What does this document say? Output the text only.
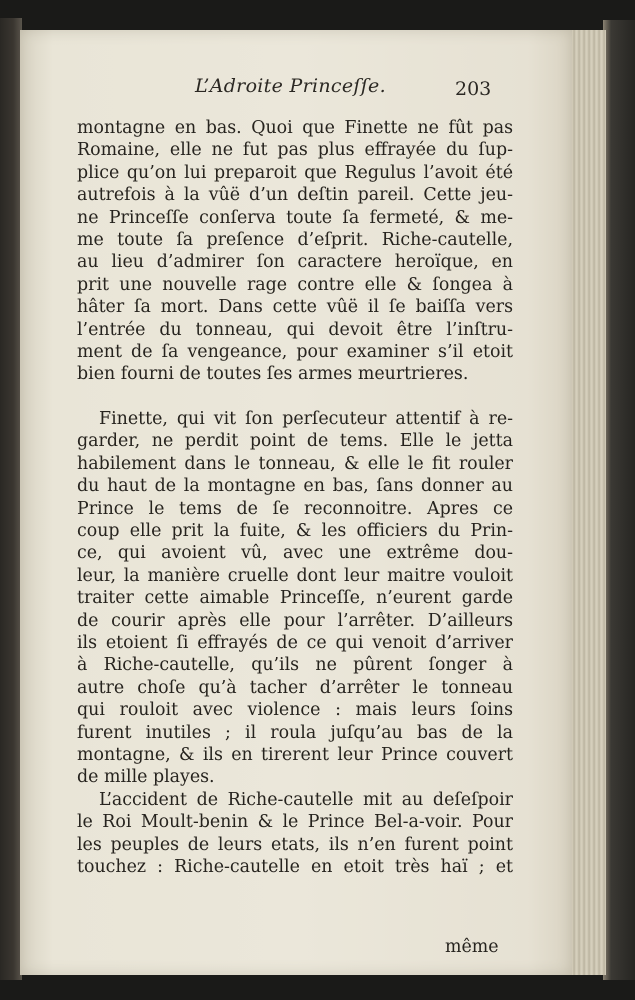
L’Adroite Princeſſe.	203
montagne en bas. Quoi que Finette ne fût pas
Romaine, elle ne fut pas plus effrayée du ſup-
plice qu’on lui preparoit que Regulus l’avoit été
autrefois à la vûë d’un deſtin pareil. Cette jeu-
ne Princeſſe conſerva toute ſa fermeté, & me-
me toute ſa preſence d’eſprit. Riche-cautelle,
au lieu d’admirer ſon caractere heroïque, en
prit une nouvelle rage contre elle & ſongea à
hâter ſa mort. Dans cette vûë il ſe baiſſa vers
l’entrée du tonneau, qui devoit être l’inſtru-
ment de ſa vengeance, pour examiner s’il etoit
bien fourni de toutes ſes armes meurtrieres.
Finette, qui vit ſon perſecuteur attentif à re-
garder, ne perdit point de tems. Elle le jetta
habilement dans le tonneau, & elle le fit rouler
du haut de la montagne en bas, ſans donner au
Prince le tems de ſe reconnoitre. Apres ce
coup elle prit la fuite, & les officiers du Prin-
ce, qui avoient vû, avec une extrême dou-
leur, la manière cruelle dont leur maitre vouloit
traiter cette aimable Princeſſe, n’eurent garde
de courir après elle pour l’arrêter. D’ailleurs
ils etoient ſi effrayés de ce qui venoit d’arriver
à Riche-cautelle, qu’ils ne pûrent ſonger à
autre choſe qu’à tacher d’arrêter le tonneau
qui rouloit avec violence : mais leurs ſoins
furent inutiles ; il roula juſqu’au bas de la
montagne, & ils en tirerent leur Prince couvert
de mille playes.
L’accident de Riche-cautelle mit au deſeſpoir
le Roi Moult-benin & le Prince Bel-a-voir. Pour
les peuples de leurs etats, ils n’en furent point
touchez : Riche-cautelle en etoit très haï ; et
même
